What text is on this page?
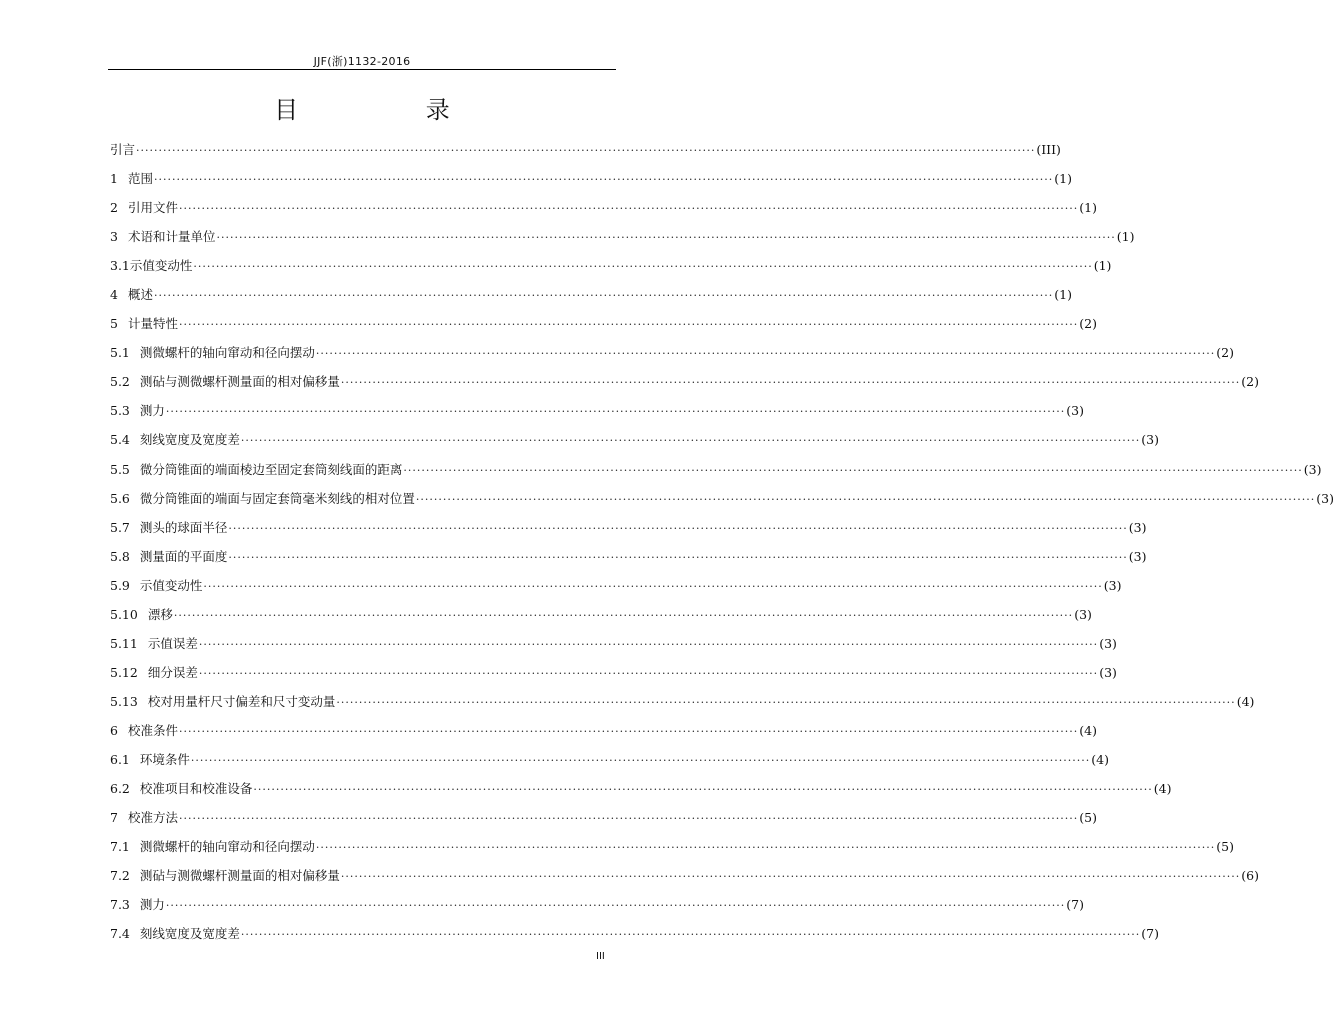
JJF(浙)1132-2016
目 录
引言 ········································································································································································································ (III)
1 范围 ········································································································································································································ (1)
2 引用文件 ········································································································································································································ (1)
3 术语和计量单位 ········································································································································································································ (1)
3.1示值变动性 ········································································································································································································ (1)
4 概述 ········································································································································································································ (1)
5 计量特性 ········································································································································································································ (2)
5.1 测微螺杆的轴向窜动和径向摆动 ········································································································································································································ (2)
5.2 测砧与测微螺杆测量面的相对偏移量 ········································································································································································································ (2)
5.3 测力 ········································································································································································································ (3)
5.4 刻线宽度及宽度差 ········································································································································································································ (3)
5.5 微分筒锥面的端面棱边至固定套筒刻线面的距离 ········································································································································································································ (3)
5.6 微分筒锥面的端面与固定套筒毫米刻线的相对位置 ········································································································································································································ (3)
5.7 测头的球面半径 ········································································································································································································ (3)
5.8 测量面的平面度 ········································································································································································································ (3)
5.9 示值变动性 ········································································································································································································ (3)
5.10 漂移 ········································································································································································································ (3)
5.11 示值误差 ········································································································································································································ (3)
5.12 细分误差 ········································································································································································································ (3)
5.13 校对用量杆尺寸偏差和尺寸变动量 ········································································································································································································ (4)
6 校准条件 ········································································································································································································ (4)
6.1 环境条件 ········································································································································································································ (4)
6.2 校准项目和校准设备 ········································································································································································································ (4)
7 校准方法 ········································································································································································································ (5)
7.1 测微螺杆的轴向窜动和径向摆动 ········································································································································································································ (5)
7.2 测砧与测微螺杆测量面的相对偏移量 ········································································································································································································ (6)
7.3 测力 ········································································································································································································ (7)
7.4 刻线宽度及宽度差 ········································································································································································································ (7)
III
